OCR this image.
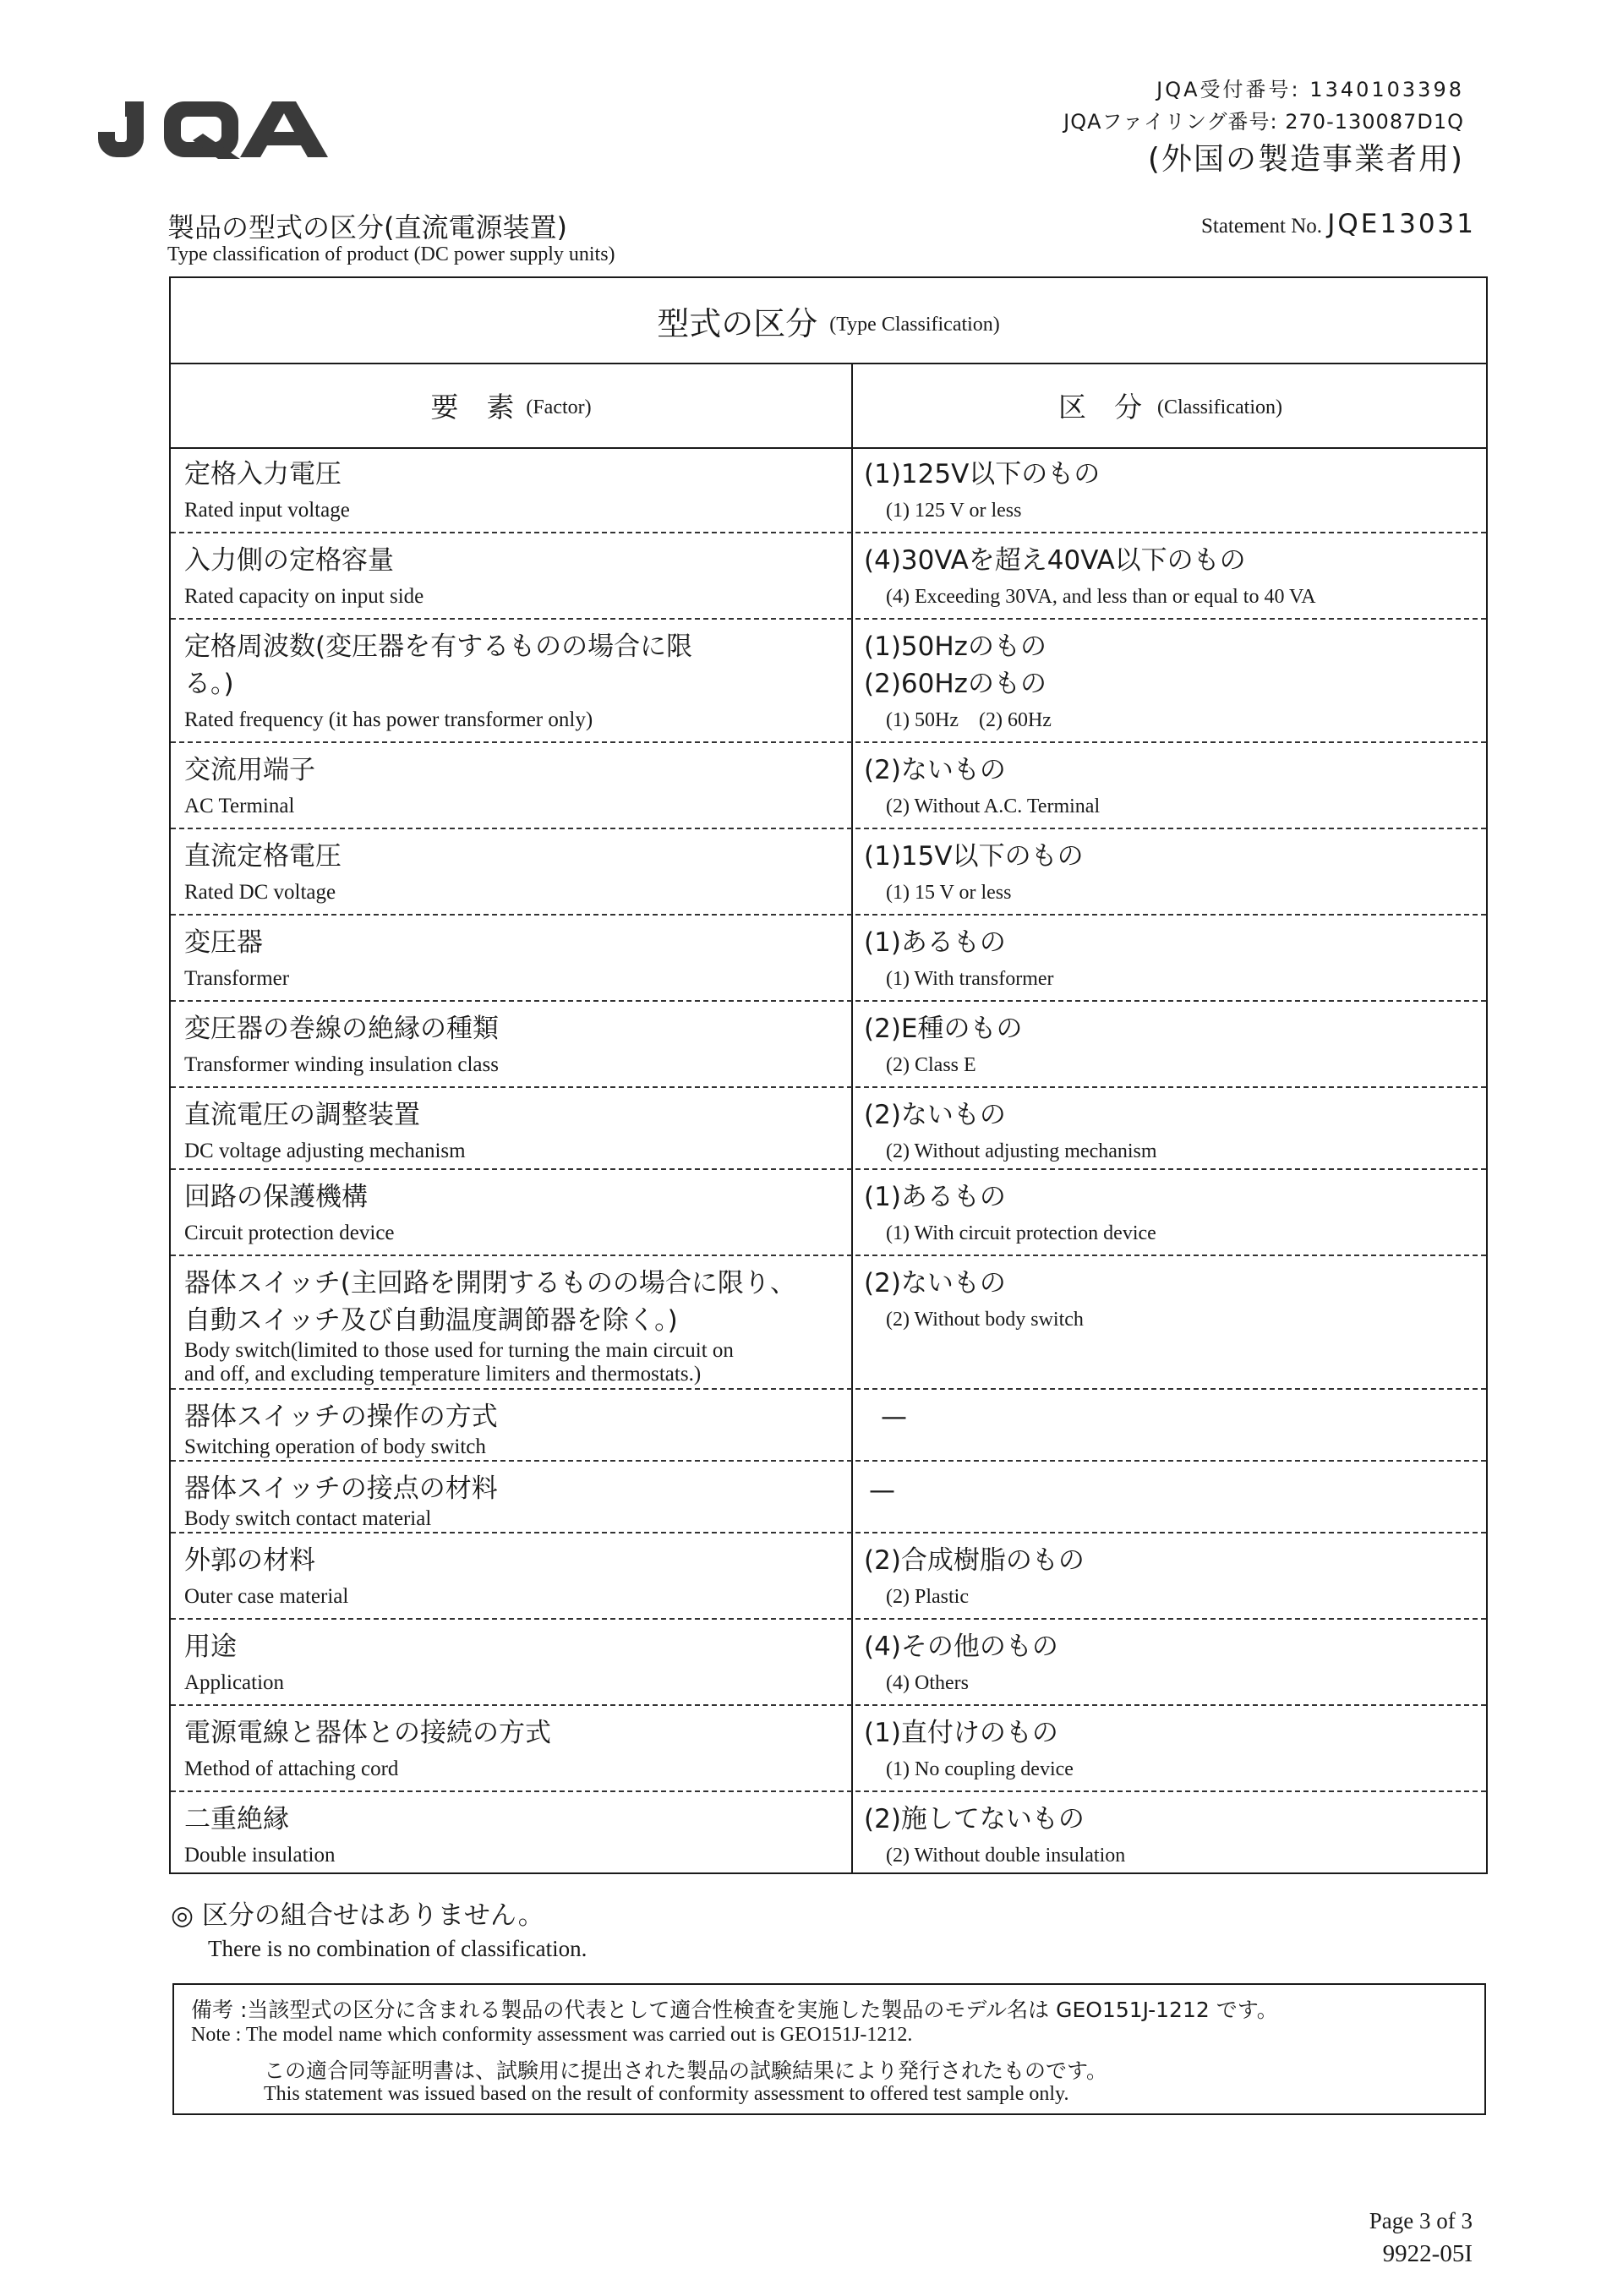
JQA受付番号: 1340103398
JQAファイリング番号: 270-130087D1Q
(外国の製造事業者用)
製品の型式の区分(直流電源装置)
Type classification of product (DC power supply units)
Statement No. JQE13031
型式の区分 (Type Classification)
要　素 (Factor)	区　分 (Classification)
定格入力電圧
Rated input voltage
(1)125V以下のもの
(1) 125 V or less
入力側の定格容量
Rated capacity on input side
(4)30VAを超え40VA以下のもの
(4) Exceeding 30VA, and less than or equal to 40 VA
定格周波数(変圧器を有するものの場合に限
る。)
Rated frequency (it has power transformer only)
(1)50Hzのもの
(2)60Hzのもの
(1) 50Hz　(2) 60Hz
交流用端子
AC Terminal
(2)ないもの
(2) Without A.C. Terminal
直流定格電圧
Rated DC voltage
(1)15V以下のもの
(1) 15 V or less
変圧器
Transformer
(1)あるもの
(1) With transformer
変圧器の巻線の絶縁の種類
Transformer winding insulation class
(2)E種のもの
(2) Class E
直流電圧の調整装置
DC voltage adjusting mechanism
(2)ないもの
(2) Without adjusting mechanism
回路の保護機構
Circuit protection device
(1)あるもの
(1) With circuit protection device
器体スイッチ(主回路を開閉するものの場合に限り、
自動スイッチ及び自動温度調節器を除く。)
Body switch(limited to those used for turning the main circuit on
and off, and excluding temperature limiters and thermostats.)
(2)ないもの
(2) Without body switch
器体スイッチの操作の方式
Switching operation of body switch
—
器体スイッチの接点の材料
Body switch contact material
—
外郭の材料
Outer case material
(2)合成樹脂のもの
(2) Plastic
用途
Application
(4)その他のもの
(4) Others
電源電線と器体との接続の方式
Method of attaching cord
(1)直付けのもの
(1) No coupling device
二重絶縁
Double insulation
(2)施してないもの
(2) Without double insulation
◎ 区分の組合せはありません。
There is no combination of classification.
備考 :当該型式の区分に含まれる製品の代表として適合性検査を実施した製品のモデル名は GEO151J-1212 です。
Note : The model name which conformity assessment was carried out is GEO151J-1212.
この適合同等証明書は、試験用に提出された製品の試験結果により発行されたものです。
This statement was issued based on the result of conformity assessment to offered test sample only.
Page 3 of 3
9922-05I
